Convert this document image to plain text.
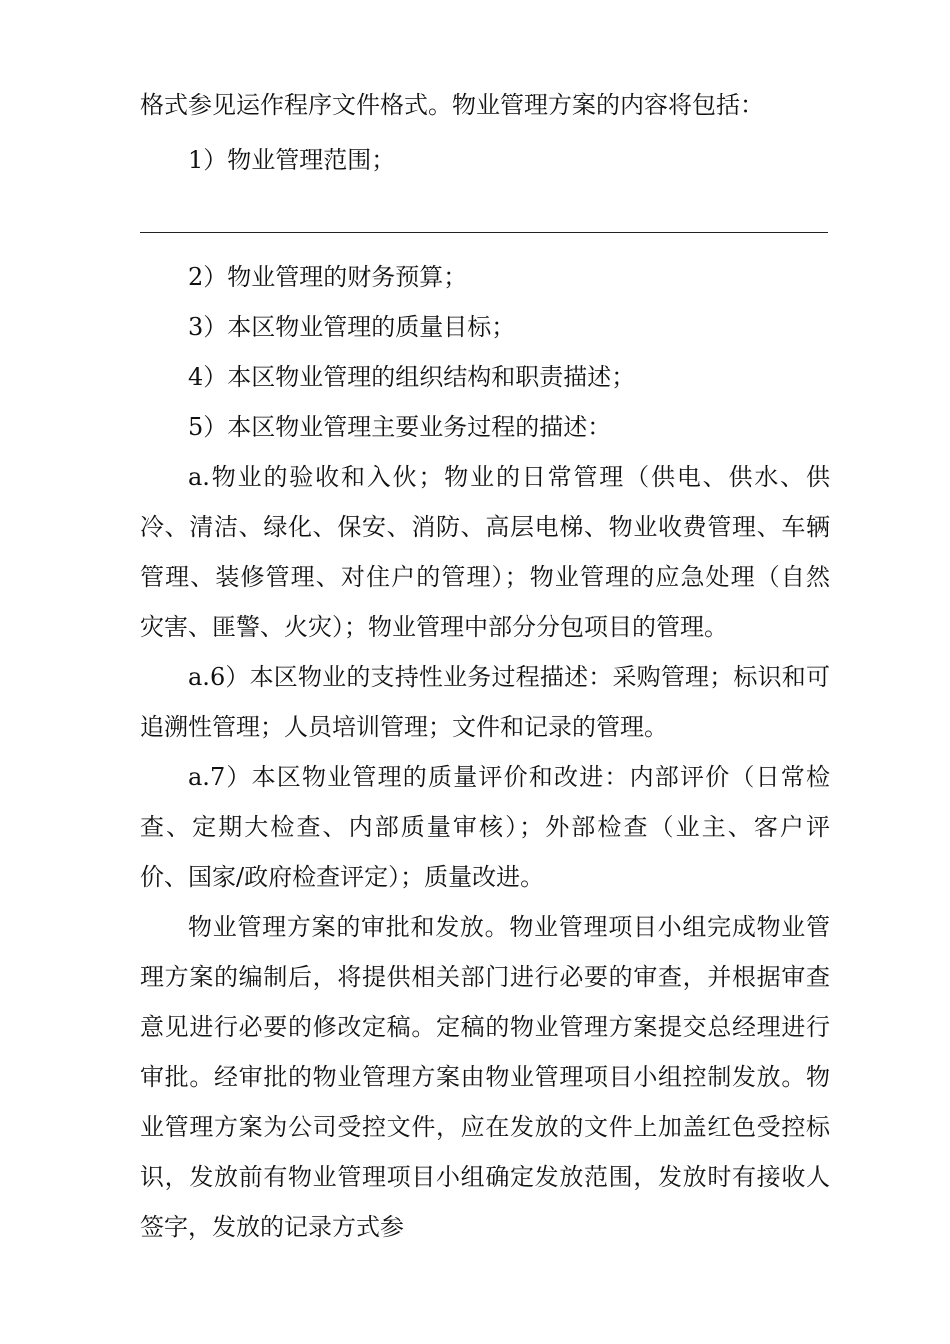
格式参见运作程序文件格式。物业管理方案的内容将包括：
1）物业管理范围；
2）物业管理的财务预算；
3）本区物业管理的质量目标；
4）本区物业管理的组织结构和职责描述；
5）本区物业管理主要业务过程的描述：
a.物业的验收和入伙；物业的日常管理（供电、供水、供
冷、清洁、绿化、保安、消防、高层电梯、物业收费管理、车辆
管理、装修管理、对住户的管理）；物业管理的应急处理（自然
灾害、匪警、火灾）；物业管理中部分分包项目的管理。
a.6）本区物业的支持性业务过程描述：采购管理；标识和可
追溯性管理；人员培训管理；文件和记录的管理。
a.7）本区物业管理的质量评价和改进：内部评价（日常检
查、定期大检查、内部质量审核）；外部检查（业主、客户评
价、国家/政府检查评定）；质量改进。
物业管理方案的审批和发放。物业管理项目小组完成物业管
理方案的编制后，将提供相关部门进行必要的审查，并根据审查
意见进行必要的修改定稿。定稿的物业管理方案提交总经理进行
审批。经审批的物业管理方案由物业管理项目小组控制发放。物
业管理方案为公司受控文件，应在发放的文件上加盖红色受控标
识，发放前有物业管理项目小组确定发放范围，发放时有接收人
签字，发放的记录方式参
